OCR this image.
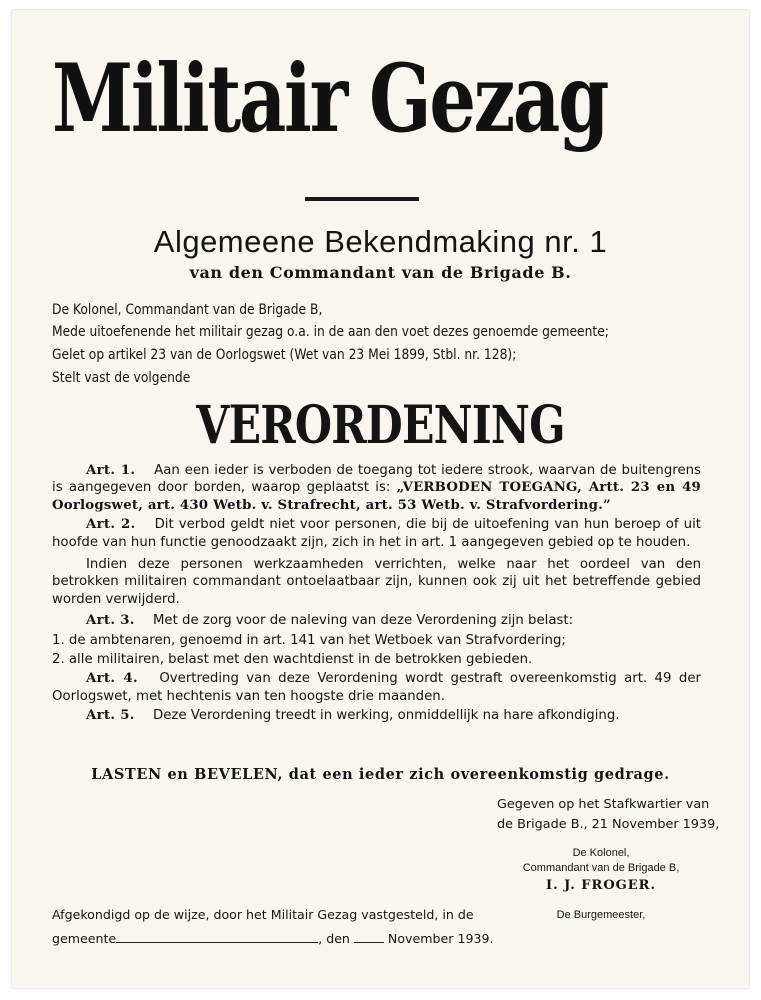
Militair Gezag
Algemeene Bekendmaking nr. 1
van den Commandant van de Brigade B.
De Kolonel, Commandant van de Brigade B,
Mede uitoefenende het militair gezag o.a. in de aan den voet dezes genoemde gemeente;
Gelet op artikel 23 van de Oorlogswet (Wet van 23 Mei 1899, Stbl. nr. 128);
Stelt vast de volgende
VERORDENING

Art. 1. Aan een ieder is verboden de toegang tot iedere strook, waarvan de buitengrens is aangegeven door borden, waarop geplaatst is: „VERBODEN TOEGANG, Artt. 23 en 49 Oorlogswet, art. 430 Wetb. v. Strafrecht, art. 53 Wetb. v. Strafvordering.”

Art. 2. Dit verbod geldt niet voor personen, die bij de uitoefening van hun beroep of uit hoofde van hun functie genoodzaakt zijn, zich in het in art. 1 aangegeven gebied op te houden.

Indien deze personen werkzaamheden verrichten, welke naar het oordeel van den betrokken militairen commandant ontoelaatbaar zijn, kunnen ook zij uit het betreffende gebied worden verwijderd.

Art. 3. Met de zorg voor de naleving van deze Verordening zijn belast:

1. de ambtenaren, genoemd in art. 141 van het Wetboek van Strafvordering;

2. alle militairen, belast met den wachtdienst in de betrokken gebieden.

Art. 4. Overtreding van deze Verordening wordt gestraft overeenkomstig art. 49 der Oorlogswet, met hechtenis van ten hoogste drie maanden.

Art. 5. Deze Verordening treedt in werking, onmiddellijk na hare afkondiging.

LASTEN en BEVELEN, dat een ieder zich overeenkomstig gedrage.
Gegeven op het Stafkwartier van
de Brigade B., 21 November 1939,
De Kolonel,
Commandant van de Brigade B,
I. J. FROGER.
De Burgemeester,
Afgekondigd op de wijze, door het Militair Gezag vastgesteld, in de
gemeente	, den	November 1939.
